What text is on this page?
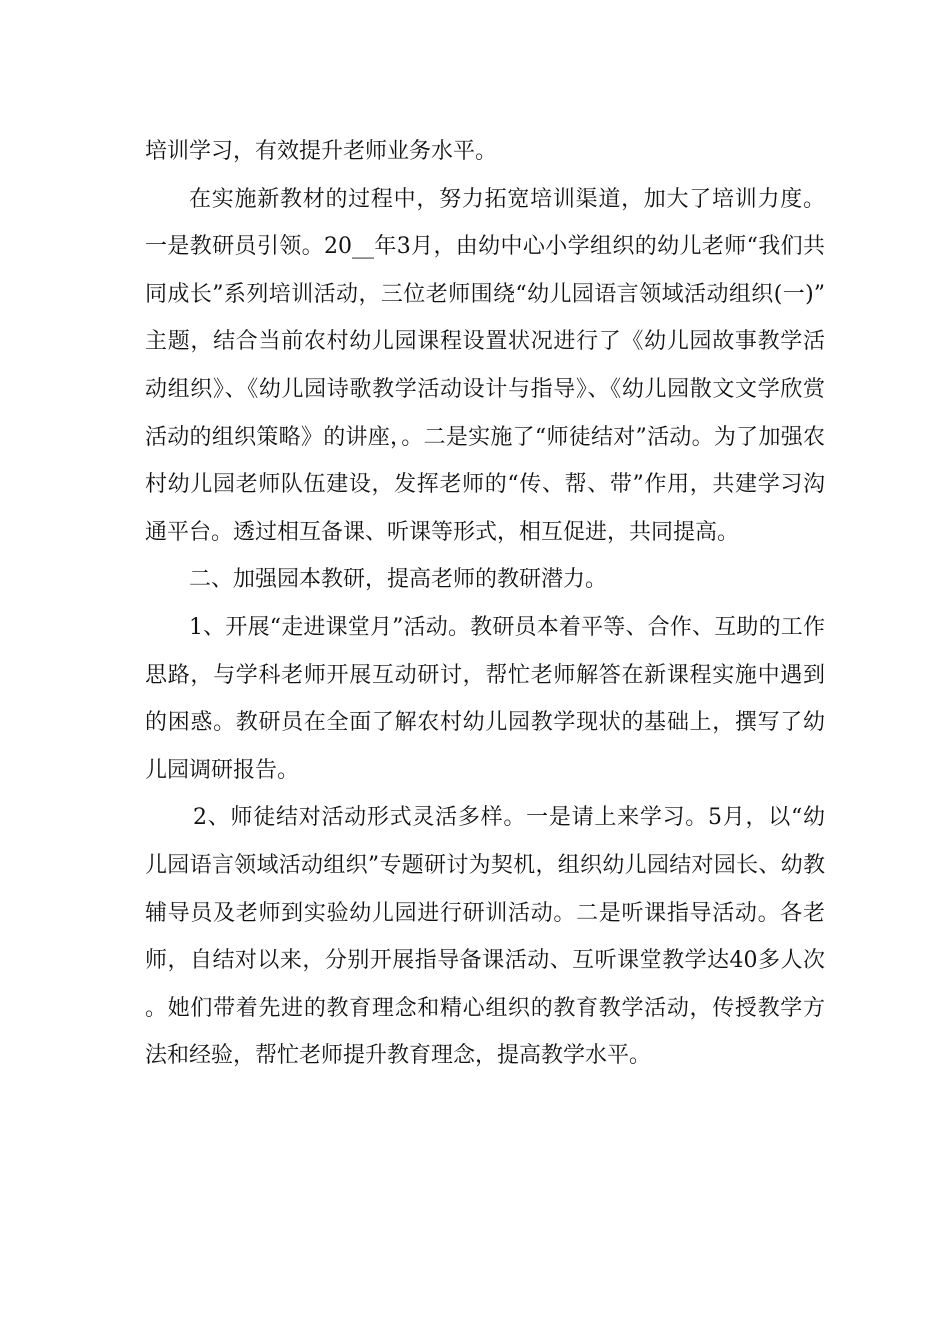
培训学习，有效提升老师业务水平。

在实施新教材的过程中，努力拓宽培训渠道，加大了培训力度。一是教研员引领。20__年3月，由幼中心小学组织的幼儿老师“我们共同成长”系列培训活动，三位老师围绕“幼儿园语言领域活动组织(一)”主题，结合当前农村幼儿园课程设置状况进行了《幼儿园故事教学活动组织》、《幼儿园诗歌教学活动设计与指导》、《幼儿园散文文学欣赏活动的组织策略》的讲座，。二是实施了“师徒结对”活动。为了加强农村幼儿园老师队伍建设，发挥老师的“传、帮、带”作用，共建学习沟通平台。透过相互备课、听课等形式，相互促进，共同提高。

二、加强园本教研，提高老师的教研潜力。

1、开展“走进课堂月”活动。教研员本着平等、合作、互助的工作思路，与学科老师开展互动研讨，帮忙老师解答在新课程实施中遇到的困惑。教研员在全面了解农村幼儿园教学现状的基础上，撰写了幼儿园调研报告。

2、师徒结对活动形式灵活多样。一是请上来学习。5月，以“幼儿园语言领域活动组织”专题研讨为契机，组织幼儿园结对园长、幼教辅导员及老师到实验幼儿园进行研训活动。二是听课指导活动。各老师，自结对以来，分别开展指导备课活动、互听课堂教学达40多人次。她们带着先进的教育理念和精心组织的教育教学活动，传授教学方法和经验，帮忙老师提升教育理念，提高教学水平。
